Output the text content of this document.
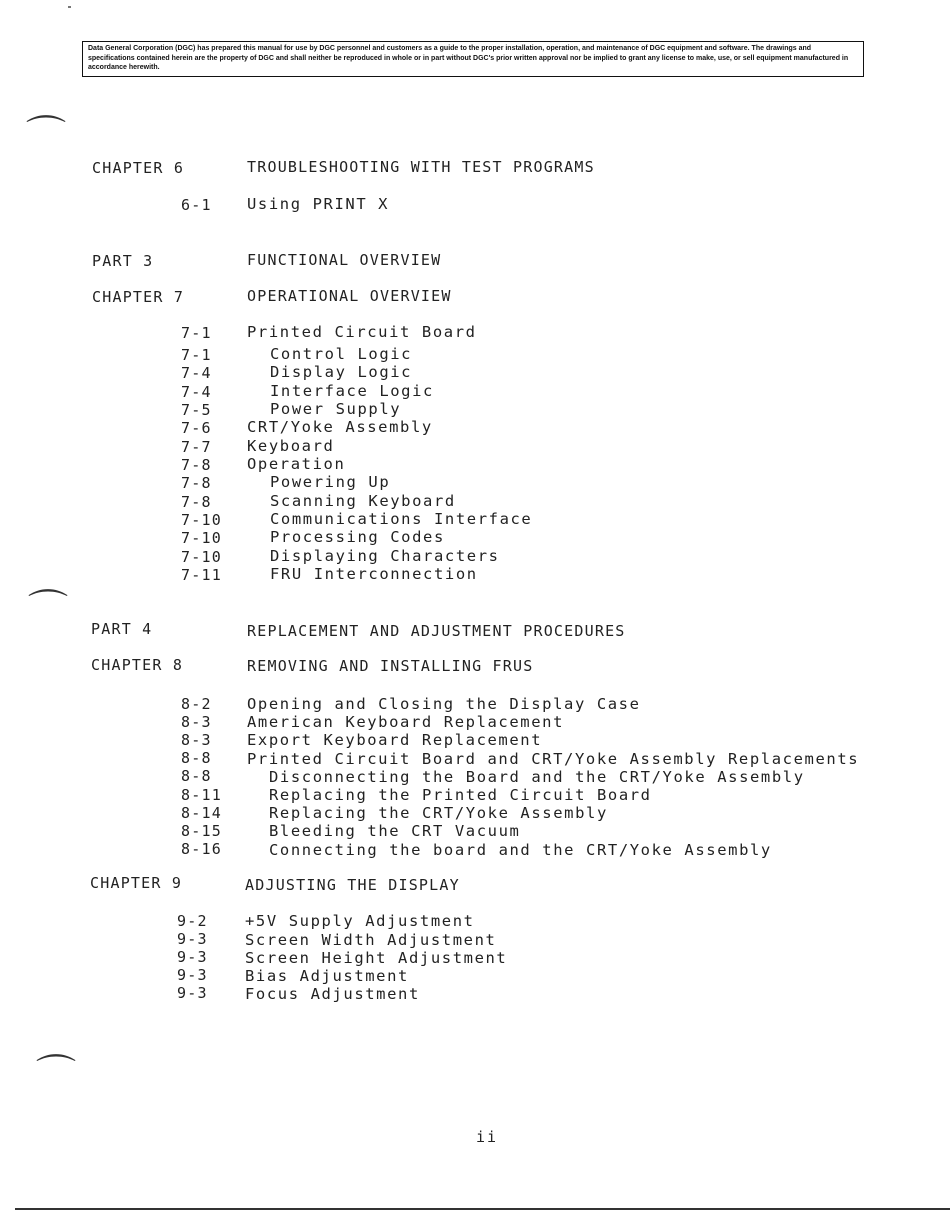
Data General Corporation (DGC) has prepared this manual for use by DGC personnel and customers as a guide to the proper installation, operation, and maintenance of DGC equipment and software. The drawings and specifications contained herein are the property of DGC and shall neither be reproduced in whole or in part without DGC's prior written approval nor be implied to grant any license to make, use, or sell equipment manufactured in accordance herewith.
⌒
⌒
⌒
CHAPTER 6	TROUBLESHOOTING WITH TEST PROGRAMS
6-1 Using PRINT X
PART 3	FUNCTIONAL OVERVIEW
CHAPTER 7	OPERATIONAL OVERVIEW
7-1 Printed Circuit Board
7-1	Control Logic
7-4	Display Logic
7-4	Interface Logic
7-5	Power Supply
7-6 CRT/Yoke Assembly
7-7 Keyboard
7-8 Operation
7-8	Powering Up
7-8	Scanning Keyboard
7-10	Communications Interface
7-10	Processing Codes
7-10	Displaying Characters
7-11	FRU Interconnection
PART 4	REPLACEMENT AND ADJUSTMENT PROCEDURES
CHAPTER 8	REMOVING AND INSTALLING FRUS
8-2 Opening and Closing the Display Case
8-3 American Keyboard Replacement
8-3 Export Keyboard Replacement
8-8 Printed Circuit Board and CRT/Yoke Assembly Replacements
8-8	Disconnecting the Board and the CRT/Yoke Assembly
8-11	Replacing the Printed Circuit Board
8-14	Replacing the CRT/Yoke Assembly
8-15	Bleeding the CRT Vacuum
8-16	Connecting the board and the CRT/Yoke Assembly
CHAPTER 9	ADJUSTING THE DISPLAY
9-2 +5V Supply Adjustment
9-3 Screen Width Adjustment
9-3 Screen Height Adjustment
9-3 Bias Adjustment
9-3 Focus Adjustment
ii
